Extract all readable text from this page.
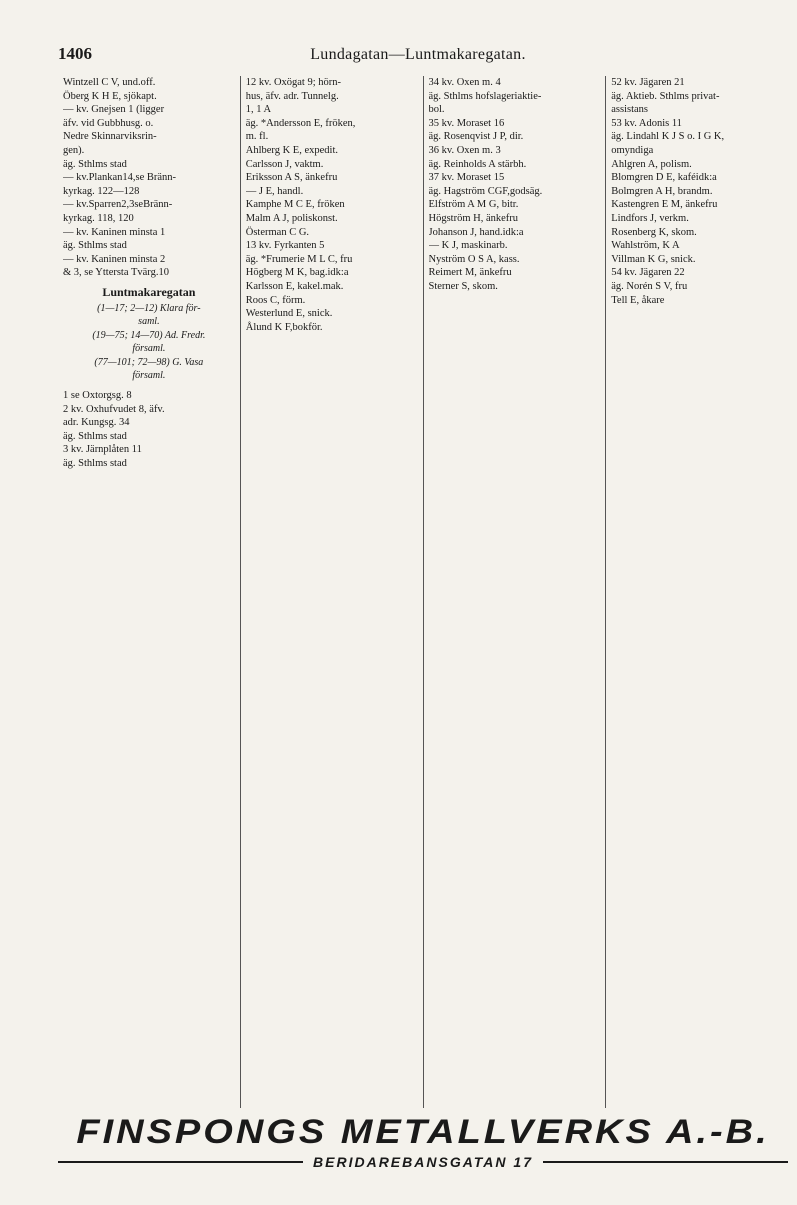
1406	Lundagatan—Luntmakaregatan.
Wintzell C V, und.off.
Öberg K H E, sjökapt.
— kv. Gnejsen 1 (ligger
äfv. vid Gubbhusg. o.
Nedre Skinnarviksrin-
gen).
äg. Sthlms stad
— kv.Plankan14,se Bränn-
kyrkag. 122—128
— kv.Sparren2,3seBränn-
kyrkag. 118, 120
— kv. Kaninen minsta 1
äg. Sthlms stad
— kv. Kaninen minsta 2
& 3, se Yttersta Tvärg.10
Luntmakaregatan
(1—17; 2—12) Klara för-
saml.
(19—75; 14—70) Ad. Fredr.
församl.
(77—101; 72—98) G. Vasa
församl.
1 se Oxtorgsg. 8
2 kv. Oxhufvudet 8, äfv.
adr. Kungsg. 34
äg. Sthlms stad
3 kv. Järnplåten 11
äg. Sthlms stad
12 kv. Oxögat 9; hörn-
hus, äfv. adr. Tunnelg.
1, 1 A
äg. *Andersson E, fröken,
m. fl.
Ahlberg K E, expedit.
Carlsson J, vaktm.
Eriksson A S, änkefru
— J E, handl.
Kamphe M C E, fröken
Malm A J, poliskonst.
Österman C G.
13 kv. Fyrkanten 5
äg. *Frumerie M L C, fru
Högberg M K, bag.idk:a
Karlsson E, kakel.mak.
Roos C, förm.
Westerlund E, snick.
Ålund K F,bokför.
34 kv. Oxen m. 4
äg. Sthlms hofslageriaktie-
bol.
35 kv. Moraset 16
äg. Rosenqvist J P, dir.
36 kv. Oxen m. 3
äg. Reinholds A stärbh.
37 kv. Moraset 15
äg. Hagström CGF,godsäg.
Elfström A M G, bitr.
Högström H, änkefru
Johanson J, hand.idk:a
— K J, maskinarb.
Nyström O S A, kass.
Reimert M, änkefru
Sterner S, skom.
52 kv. Jägaren 21
äg. Aktieb. Sthlms privat-
assistans
53 kv. Adonis 11
äg. Lindahl K J S o. I G K,
omyndiga
Ahlgren A, polism.
Blomgren D E, kaféidk:a
Bolmgren A H, brandm.
Kastengren E M, änkefru
Lindfors J, verkm.
Rosenberg K, skom.
Wahlström, K A
Villman K G, snick.
54 kv. Jägaren 22
äg. Norén S V, fru
Tell E, åkare
FINSPONGS METALLVERKS A.-B.
BERIDAREBANSGATAN 17
